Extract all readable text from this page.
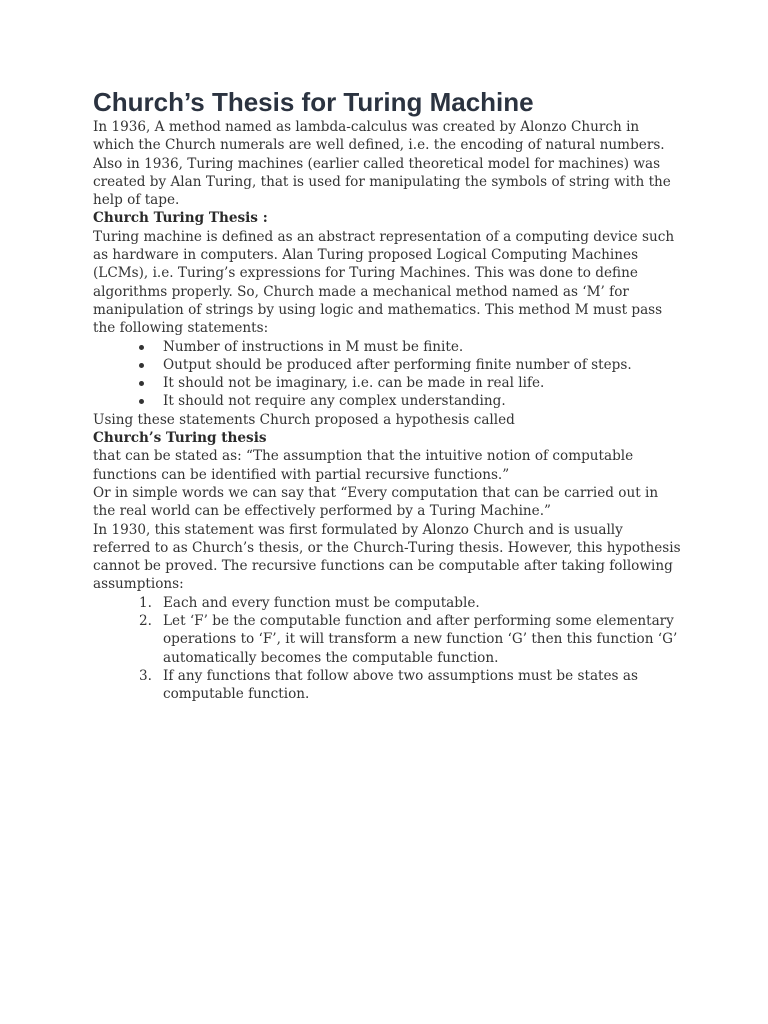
Church’s Thesis for Turing Machine

In 1936, A method named as lambda-calculus was created by Alonzo Church in which the Church numerals are well defined, i.e. the encoding of natural numbers. Also in 1936, Turing machines (earlier called theoretical model for machines) was created by Alan Turing, that is used for manipulating the symbols of string with the help of tape.

Church Turing Thesis :

Turing machine is defined as an abstract representation of a computing device such as hardware in computers. Alan Turing proposed Logical Computing Machines (LCMs), i.e. Turing’s expressions for Turing Machines. This was done to define algorithms properly. So, Church made a mechanical method named as ‘M’ for manipulation of strings by using logic and mathematics. This method M must pass the following statements:

Number of instructions in M must be finite.
Output should be produced after performing finite number of steps.
It should not be imaginary, i.e. can be made in real life.
It should not require any complex understanding.

Using these statements Church proposed a hypothesis called

Church’s Turing thesis

that can be stated as: “The assumption that the intuitive notion of computable functions can be identified with partial recursive functions.”

Or in simple words we can say that “Every computation that can be carried out in the real world can be effectively performed by a Turing Machine.”

In 1930, this statement was first formulated by Alonzo Church and is usually referred to as Church’s thesis, or the Church-Turing thesis. However, this hypothesis cannot be proved. The recursive functions can be computable after taking following assumptions:

1. Each and every function must be computable.
2. Let ‘F’ be the computable function and after performing some elementary operations to ‘F’, it will transform a new function ‘G’ then this function ‘G’ automatically becomes the computable function.
3. If any functions that follow above two assumptions must be states as computable function.
